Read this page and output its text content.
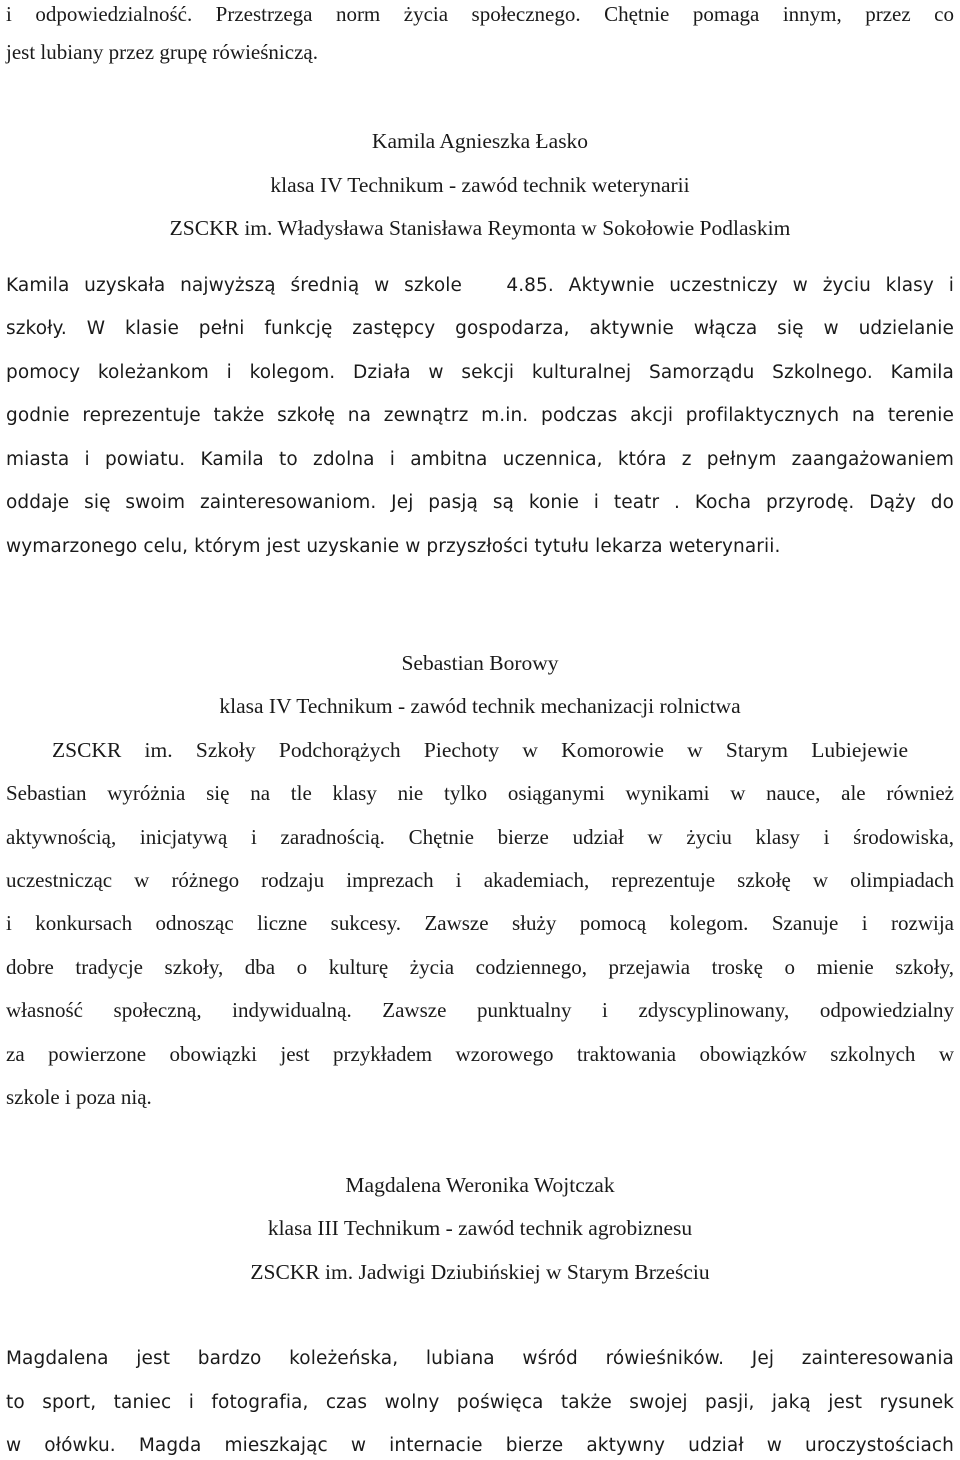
i odpowiedzialność. Przestrzega norm życia społecznego. Chętnie pomaga innym, przez co
jest lubiany przez grupę rówieśniczą.
Kamila Agnieszka Łasko
klasa IV Technikum - zawód technik weterynarii
ZSCKR im. Władysława Stanisława Reymonta w Sokołowie Podlaskim
Kamila uzyskała najwyższą średnią w szkole   4.85. Aktywnie uczestniczy w życiu klasy i
szkoły. W klasie pełni funkcję zastępcy gospodarza, aktywnie włącza się w udzielanie
pomocy koleżankom i kolegom. Działa w sekcji kulturalnej Samorządu Szkolnego. Kamila
godnie reprezentuje także szkołę na zewnątrz m.in. podczas akcji profilaktycznych na terenie
miasta i powiatu. Kamila to zdolna i ambitna uczennica, która z pełnym zaangażowaniem
oddaje się swoim zainteresowaniom. Jej pasją są konie i teatr . Kocha przyrodę. Dąży do
wymarzonego celu, którym jest uzyskanie w przyszłości tytułu lekarza weterynarii.
Sebastian Borowy
klasa IV Technikum - zawód technik mechanizacji rolnictwa
ZSCKR im. Szkoły Podchorążych Piechoty w Komorowie w Starym Lubiejewie
Sebastian wyróżnia się na tle klasy nie tylko osiąganymi wynikami w nauce, ale również
aktywnością, inicjatywą i zaradnością. Chętnie bierze udział w życiu klasy i środowiska,
uczestnicząc w różnego rodzaju imprezach i akademiach, reprezentuje szkołę w olimpiadach
i konkursach odnosząc liczne sukcesy. Zawsze służy pomocą kolegom. Szanuje i rozwija
dobre tradycje szkoły, dba o kulturę życia codziennego, przejawia troskę o mienie szkoły,
własność społeczną, indywidualną. Zawsze punktualny i zdyscyplinowany, odpowiedzialny
za powierzone obowiązki jest przykładem wzorowego traktowania obowiązków szkolnych w
szkole i poza nią.
Magdalena Weronika Wojtczak
klasa III Technikum - zawód technik agrobiznesu
ZSCKR im. Jadwigi Dziubińskiej w Starym Brześciu
Magdalena jest bardzo koleżeńska, lubiana wśród rówieśników. Jej zainteresowania
to sport, taniec i fotografia, czas wolny poświęca także swojej pasji, jaką jest rysunek
w ołówku. Magda mieszkając w internacie bierze aktywny udział w uroczystościach
